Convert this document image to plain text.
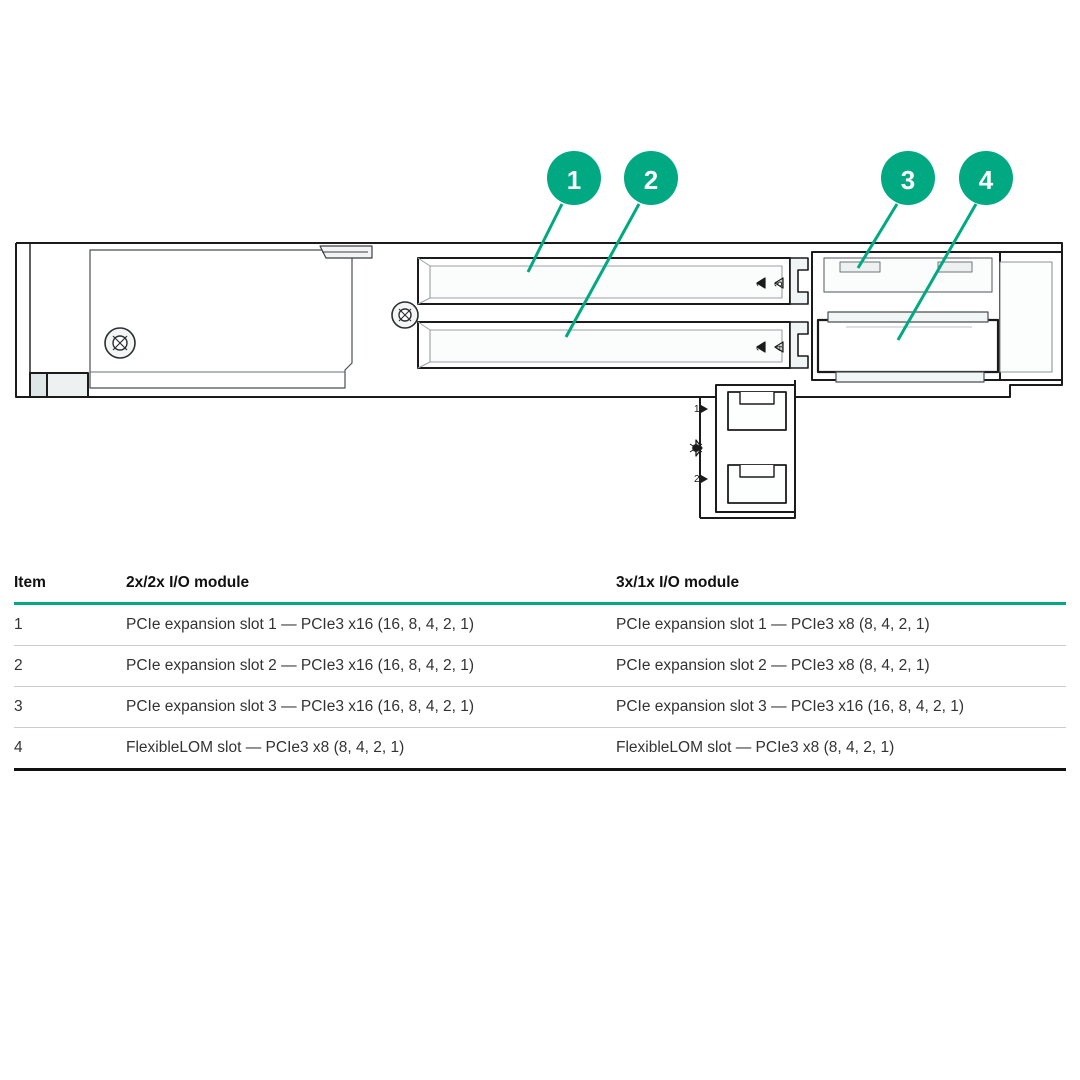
1
2
1 3
2 4
1 2	3 4
Item	2x/2x I/O module	3x/1x I/O module
1	PCIe expansion slot 1 — PCIe3 x16 (16, 8, 4, 2, 1)	PCIe expansion slot 1 — PCIe3 x8 (8, 4, 2, 1)
2	PCIe expansion slot 2 — PCIe3 x16 (16, 8, 4, 2, 1)	PCIe expansion slot 2 — PCIe3 x8 (8, 4, 2, 1)
3	PCIe expansion slot 3 — PCIe3 x16 (16, 8, 4, 2, 1)	PCIe expansion slot 3 — PCIe3 x16 (16, 8, 4, 2, 1)
4	FlexibleLOM slot — PCIe3 x8 (8, 4, 2, 1)	FlexibleLOM slot — PCIe3 x8 (8, 4, 2, 1)
